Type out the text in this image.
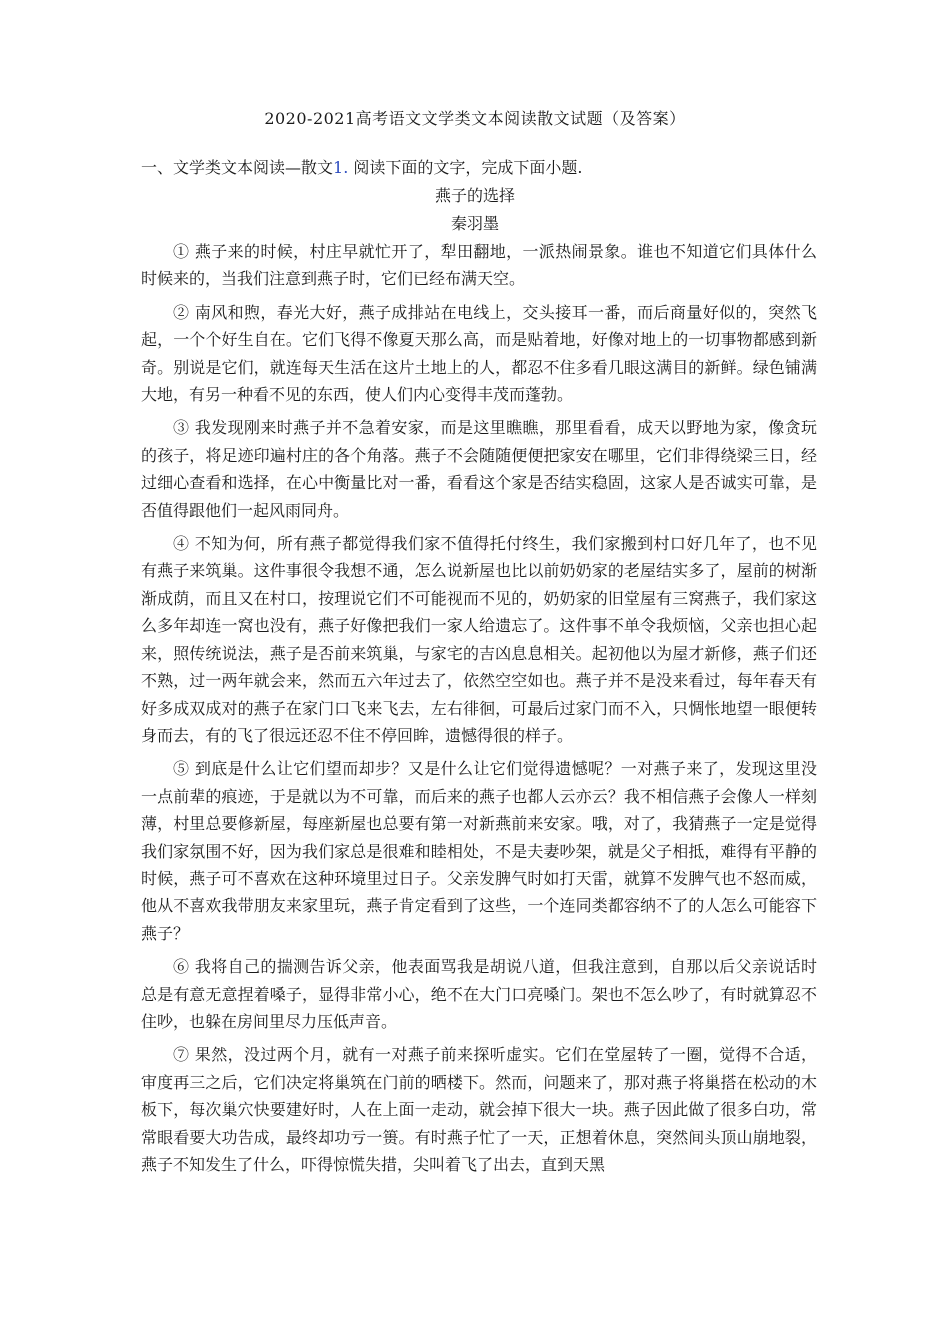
2020-2021高考语文文学类文本阅读散文试题（及答案）
一、文学类文本阅读—散文1. 阅读下面的文字，完成下面小题.
燕子的选择
秦羽墨

① 燕子来的时候，村庄早就忙开了，犁田翻地，一派热闹景象。谁也不知道它们具体什么时候来的，当我们注意到燕子时，它们已经布满天空。

② 南风和煦，春光大好，燕子成排站在电线上，交头接耳一番，而后商量好似的，突然飞起，一个个好生自在。它们飞得不像夏天那么高，而是贴着地，好像对地上的一切事物都感到新奇。别说是它们，就连每天生活在这片土地上的人，都忍不住多看几眼这满目的新鲜。绿色铺满大地，有另一种看不见的东西，使人们内心变得丰茂而蓬勃。

③ 我发现刚来时燕子并不急着安家，而是这里瞧瞧，那里看看，成天以野地为家，像贪玩的孩子，将足迹印遍村庄的各个角落。燕子不会随随便便把家安在哪里，它们非得绕梁三日，经过细心查看和选择，在心中衡量比对一番，看看这个家是否结实稳固，这家人是否诚实可靠，是否值得跟他们一起风雨同舟。

④ 不知为何，所有燕子都觉得我们家不值得托付终生，我们家搬到村口好几年了，也不见有燕子来筑巢。这件事很令我想不通，怎么说新屋也比以前奶奶家的老屋结实多了，屋前的树渐渐成荫，而且又在村口，按理说它们不可能视而不见的，奶奶家的旧堂屋有三窝燕子，我们家这么多年却连一窝也没有，燕子好像把我们一家人给遗忘了。这件事不单令我烦恼，父亲也担心起来，照传统说法，燕子是否前来筑巢，与家宅的吉凶息息相关。起初他以为屋才新修，燕子们还不熟，过一两年就会来，然而五六年过去了，依然空空如也。燕子并不是没来看过，每年春天有好多成双成对的燕子在家门口飞来飞去，左右徘徊，可最后过家门而不入，只惆怅地望一眼便转身而去，有的飞了很远还忍不住不停回眸，遗憾得很的样子。

⑤ 到底是什么让它们望而却步？又是什么让它们觉得遗憾呢？一对燕子来了，发现这里没一点前辈的痕迹，于是就以为不可靠，而后来的燕子也都人云亦云？我不相信燕子会像人一样刻薄，村里总要修新屋，每座新屋也总要有第一对新燕前来安家。哦，对了，我猜燕子一定是觉得我们家氛围不好，因为我们家总是很难和睦相处，不是夫妻吵架，就是父子相抵，难得有平静的时候，燕子可不喜欢在这种环境里过日子。父亲发脾气时如打天雷，就算不发脾气也不怒而威，他从不喜欢我带朋友来家里玩，燕子肯定看到了这些，一个连同类都容纳不了的人怎么可能容下燕子？

⑥ 我将自己的揣测告诉父亲，他表面骂我是胡说八道，但我注意到，自那以后父亲说话时总是有意无意捏着嗓子，显得非常小心，绝不在大门口亮嗓门。架也不怎么吵了，有时就算忍不住吵，也躲在房间里尽力压低声音。

⑦ 果然，没过两个月，就有一对燕子前来探听虚实。它们在堂屋转了一圈，觉得不合适，审度再三之后，它们决定将巢筑在门前的晒楼下。然而，问题来了，那对燕子将巢搭在松动的木板下，每次巢穴快要建好时，人在上面一走动，就会掉下很大一块。燕子因此做了很多白功，常常眼看要大功告成，最终却功亏一篑。有时燕子忙了一天，正想着休息，突然间头顶山崩地裂，燕子不知发生了什么，吓得惊慌失措，尖叫着飞了出去，直到天黑
